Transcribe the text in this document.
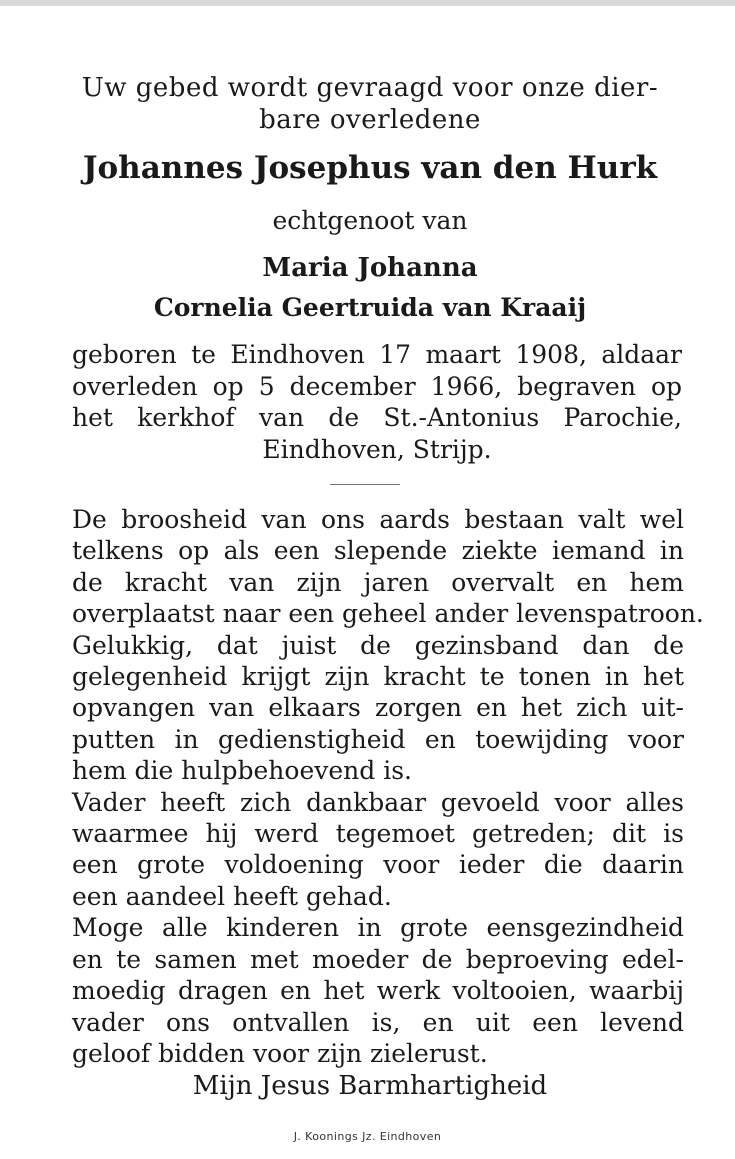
Uw gebed wordt gevraagd voor onze dier-
bare overledene
Johannes Josephus van den Hurk
echtgenoot van
Maria Johanna
Cornelia Geertruida van Kraaij
geboren te Eindhoven 17 maart 1908, aldaar
overleden op 5 december 1966, begraven op
het kerkhof van de St.-Antonius Parochie,
Eindhoven, Strijp.
De broosheid van ons aards bestaan valt wel
telkens op als een slepende ziekte iemand in
de kracht van zijn jaren overvalt en hem
overplaatst naar een geheel ander levenspatroon.
Gelukkig, dat juist de gezinsband dan de
gelegenheid krijgt zijn kracht te tonen in het
opvangen van elkaars zorgen en het zich uit-
putten in gedienstigheid en toewijding voor
hem die hulpbehoevend is.
Vader heeft zich dankbaar gevoeld voor alles
waarmee hij werd tegemoet getreden; dit is
een grote voldoening voor ieder die daarin
een aandeel heeft gehad.
Moge alle kinderen in grote eensgezindheid
en te samen met moeder de beproeving edel-
moedig dragen en het werk voltooien, waarbij
vader ons ontvallen is, en uit een levend
geloof bidden voor zijn zielerust.
Mijn Jesus Barmhartigheid
J. Koonings Jz. Eindhoven
